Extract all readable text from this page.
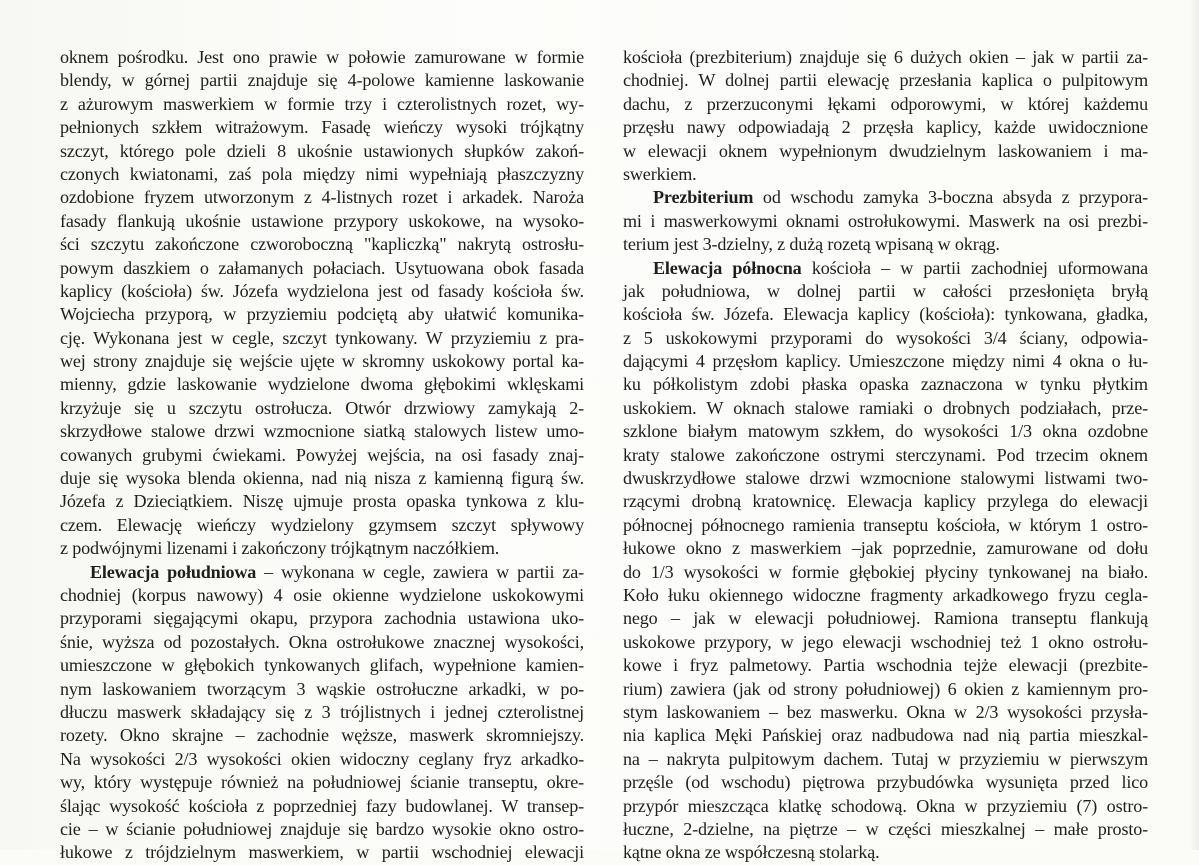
oknem pośrodku. Jest ono prawie w połowie zamurowane w formie
blendy, w górnej partii znajduje się 4-polowe kamienne laskowanie
z ażurowym maswerkiem w formie trzy i czterolistnych rozet, wy-
pełnionych szkłem witrażowym. Fasadę wieńczy wysoki trójkątny
szczyt, którego pole dzieli 8 ukośnie ustawionych słupków zakoń-
czonych kwiatonami, zaś pola między nimi wypełniają płaszczyzny
ozdobione fryzem utworzonym z 4-listnych rozet i arkadek. Naroża
fasady flankują ukośnie ustawione przypory uskokowe, na wysoko-
ści szczytu zakończone czworoboczną "kapliczką" nakrytą ostrosłu-
powym daszkiem o załamanych połaciach. Usytuowana obok fasada
kaplicy (kościoła) św. Józefa wydzielona jest od fasady kościoła św.
Wojciecha przyporą, w przyziemiu podciętą aby ułatwić komunika-
cję. Wykonana jest w cegle, szczyt tynkowany. W przyziemiu z pra-
wej strony znajduje się wejście ujęte w skromny uskokowy portal ka-
mienny, gdzie laskowanie wydzielone dwoma głębokimi wklęskami
krzyżuje się u szczytu ostrołucza. Otwór drzwiowy zamykają 2-
skrzydłowe stalowe drzwi wzmocnione siatką stalowych listew umo-
cowanych grubymi ćwiekami. Powyżej wejścia, na osi fasady znaj-
duje się wysoka blenda okienna, nad nią nisza z kamienną figurą św.
Józefa z Dzieciątkiem. Niszę ujmuje prosta opaska tynkowa z klu-
czem. Elewację wieńczy wydzielony gzymsem szczyt spływowy
z podwójnymi lizenami i zakończony trójkątnym naczółkiem.
Elewacja południowa – wykonana w cegle, zawiera w partii za-
chodniej (korpus nawowy) 4 osie okienne wydzielone uskokowymi
przyporami sięgającymi okapu, przypora zachodnia ustawiona uko-
śnie, wyższa od pozostałych. Okna ostrołukowe znacznej wysokości,
umieszczone w głębokich tynkowanych glifach, wypełnione kamien-
nym laskowaniem tworzącym 3 wąskie ostrołuczne arkadki, w po-
dłuczu maswerk składający się z 3 trójlistnych i jednej czterolistnej
rozety. Okno skrajne – zachodnie węższe, maswerk skromniejszy.
Na wysokości 2/3 wysokości okien widoczny ceglany fryz arkadko-
wy, który występuje również na południowej ścianie transeptu, okre-
ślając wysokość kościoła z poprzedniej fazy budowlanej. W transep-
cie – w ścianie południowej znajduje się bardzo wysokie okno ostro-
łukowe z trójdzielnym maswerkiem, w partii wschodniej elewacji
kościoła (prezbiterium) znajduje się 6 dużych okien – jak w partii za-
chodniej. W dolnej partii elewację przesłania kaplica o pulpitowym
dachu, z przerzuconymi łękami odporowymi, w której każdemu
przęsłu nawy odpowiadają 2 przęsła kaplicy, każde uwidocznione
w elewacji oknem wypełnionym dwudzielnym laskowaniem i ma-
swerkiem.
Prezbiterium od wschodu zamyka 3-boczna absyda z przypora-
mi i maswerkowymi oknami ostrołukowymi. Maswerk na osi prezbi-
terium jest 3-dzielny, z dużą rozetą wpisaną w okrąg.
Elewacja północna kościoła – w partii zachodniej uformowana
jak południowa, w dolnej partii w całości przesłonięta bryłą
kościoła św. Józefa. Elewacja kaplicy (kościoła): tynkowana, gładka,
z 5 uskokowymi przyporami do wysokości 3/4 ściany, odpowia-
dającymi 4 przęsłom kaplicy. Umieszczone między nimi 4 okna o łu-
ku półkolistym zdobi płaska opaska zaznaczona w tynku płytkim
uskokiem. W oknach stalowe ramiaki o drobnych podziałach, prze-
szklone białym matowym szkłem, do wysokości 1/3 okna ozdobne
kraty stalowe zakończone ostrymi sterczynami. Pod trzecim oknem
dwuskrzydłowe stalowe drzwi wzmocnione stalowymi listwami two-
rzącymi drobną kratownicę. Elewacja kaplicy przylega do elewacji
północnej północnego ramienia transeptu kościoła, w którym 1 ostro-
łukowe okno z maswerkiem –jak poprzednie, zamurowane od dołu
do 1/3 wysokości w formie głębokiej płyciny tynkowanej na biało.
Koło łuku okiennego widoczne fragmenty arkadkowego fryzu cegla-
nego – jak w elewacji południowej. Ramiona transeptu flankują
uskokowe przypory, w jego elewacji wschodniej też 1 okno ostrołu-
kowe i fryz palmetowy. Partia wschodnia tejże elewacji (prezbite-
rium) zawiera (jak od strony południowej) 6 okien z kamiennym pro-
stym laskowaniem – bez maswerku. Okna w 2/3 wysokości przysła-
nia kaplica Męki Pańskiej oraz nadbudowa nad nią partia mieszkal-
na – nakryta pulpitowym dachem. Tutaj w przyziemiu w pierwszym
przęśle (od wschodu) piętrowa przybudówka wysunięta przed lico
przypór mieszcząca klatkę schodową. Okna w przyziemiu (7) ostro-
łuczne, 2-dzielne, na piętrze – w części mieszkalnej – małe prosto-
kątne okna ze współczesną stolarką.
